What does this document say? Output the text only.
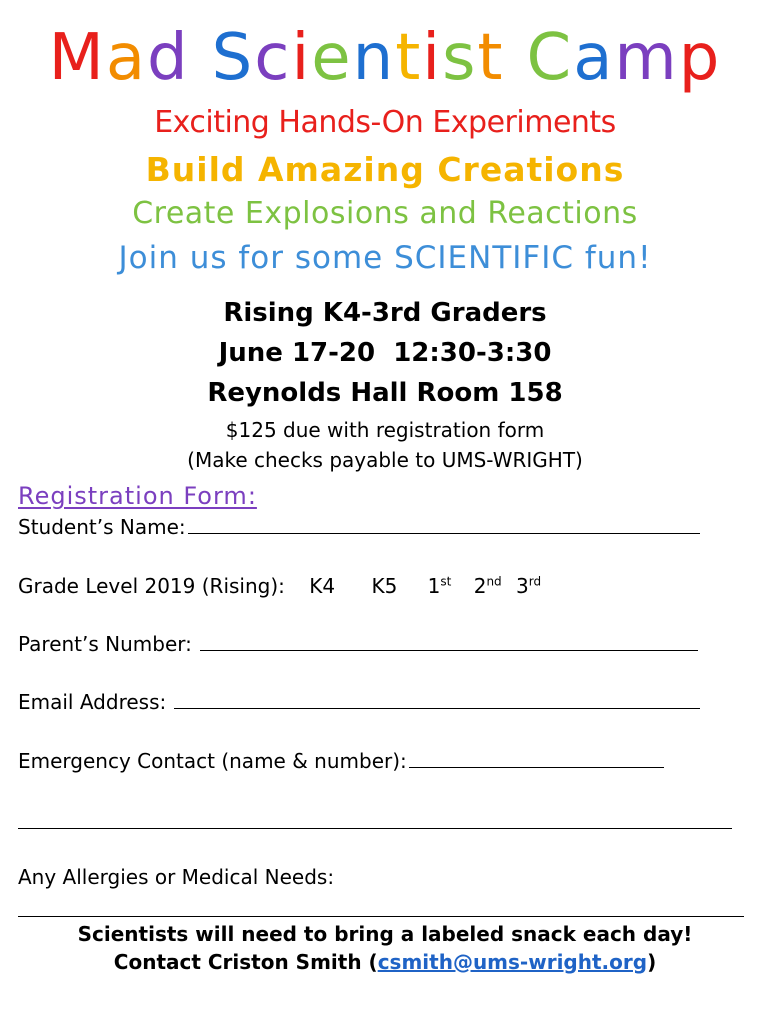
Mad Scientist Camp
Exciting Hands-On Experiments
Build Amazing Creations
Create Explosions and Reactions
Join us for some SCIENTIFIC fun!
Rising K4-3rd Graders
June 17-20  12:30-3:30
Reynolds Hall Room 158
$125 due with registration form
(Make checks payable to UMS-WRIGHT)
Registration Form:
Student’s Name:
Grade Level 2019 (Rising): K4 K5 1st 2nd 3rd
Parent’s Number:
Email Address:
Emergency Contact (name & number):
Any Allergies or Medical Needs:
Scientists will need to bring a labeled snack each day!
Contact Criston Smith (csmith@ums-wright.org)
